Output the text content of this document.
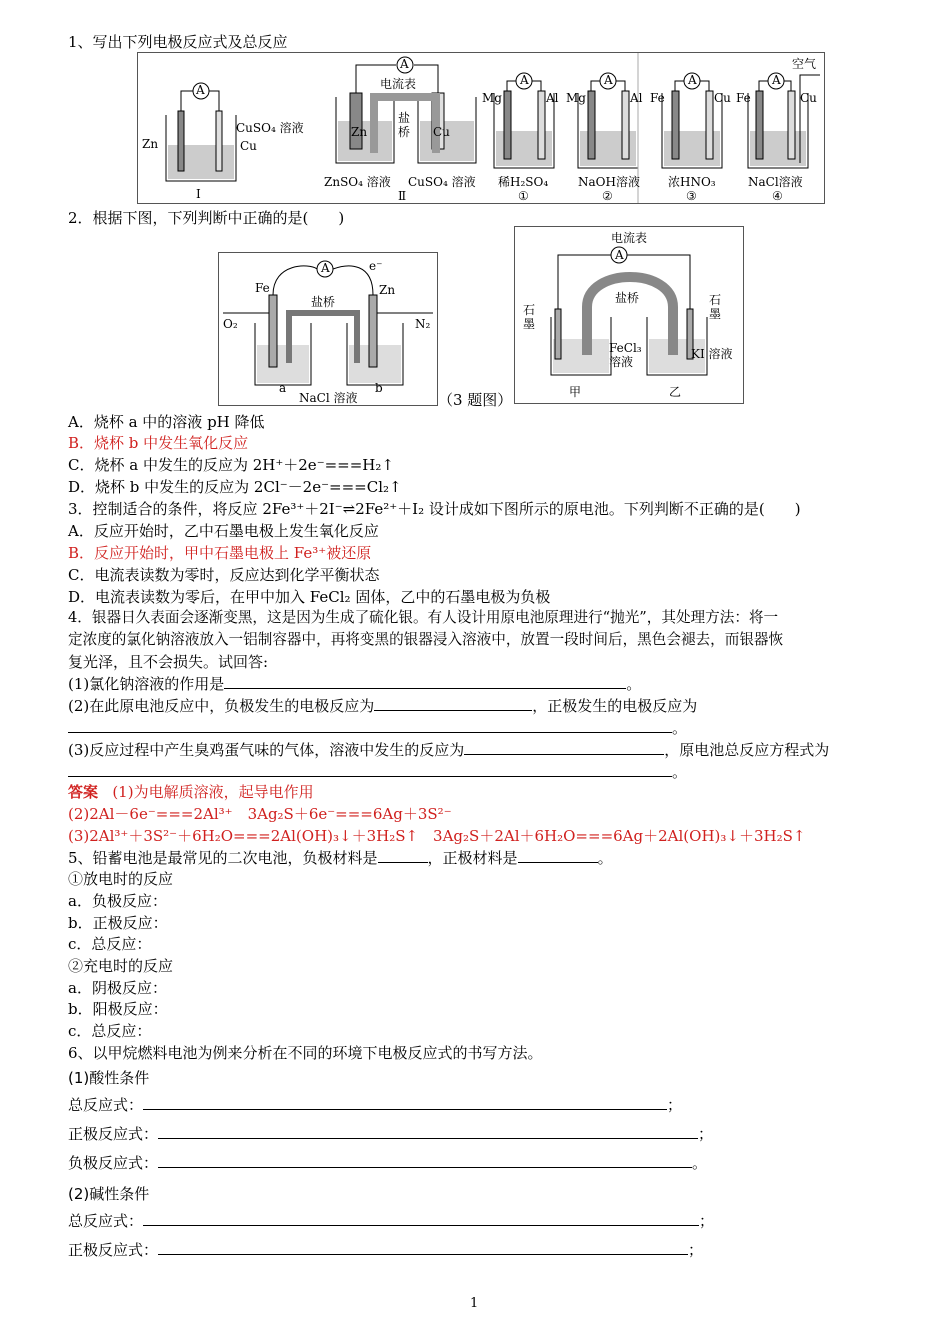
1、写出下列电极反应式及总反应
A
Zn
CuSO₄ 溶液
Cu
Ⅰ
A
电流表
盐桥
Zn	Cu
ZnSO₄ 溶液 CuSO₄ 溶液
Ⅱ
A
Mg	Al
稀H₂SO₄
①
A
Mg	Al
NaOH溶液
②
A
Fe	Cu
浓HNO₃
③
A
Fe	Cu
空气
NaCl溶液
④
2．根据下图，下列判断中正确的是(　　)
Fe	Zn
A	e⁻
盐桥
O₂	N₂
a	b
NaCl 溶液	（3 题图）
电流表
A
盐桥
石墨
石墨
FeCl₃溶液
KI 溶液
甲	乙
A．烧杯 a 中的溶液 pH 降低
B．烧杯 b 中发生氧化反应
C．烧杯 a 中发生的反应为 2H⁺＋2e⁻===H₂↑
D．烧杯 b 中发生的反应为 2Cl⁻－2e⁻===Cl₂↑
3．控制适合的条件，将反应 2Fe³⁺＋2I⁻⇌2Fe²⁺＋I₂ 设计成如下图所示的原电池。下列判断不正确的是(　　)
A．反应开始时，乙中石墨电极上发生氧化反应
B．反应开始时，甲中石墨电极上 Fe³⁺被还原
C．电流表读数为零时，反应达到化学平衡状态
D．电流表读数为零后，在甲中加入 FeCl₂ 固体，乙中的石墨电极为负极
4．银器日久表面会逐渐变黑，这是因为生成了硫化银。有人设计用原电池原理进行“抛光”，其处理方法：将一
定浓度的氯化钠溶液放入一铝制容器中，再将变黑的银器浸入溶液中，放置一段时间后，黑色会褪去，而银器恢
复光泽，且不会损失。试回答:
(1)氯化钠溶液的作用是	。
(2)在此原电池反应中，负极发生的电极反应为	，正极发生的电极反应为
。
(3)反应过程中产生臭鸡蛋气味的气体，溶液中发生的反应为	，原电池总反应方程式为
。
答案 (1)为电解质溶液，起导电作用
(2)2Al－6e⁻===2Al³⁺　3Ag₂S＋6e⁻===6Ag＋3S²⁻
(3)2Al³⁺＋3S²⁻＋6H₂O===2Al(OH)₃↓＋3H₂S↑　3Ag₂S＋2Al＋6H₂O===6Ag＋2Al(OH)₃↓＋3H₂S↑
5、铅蓄电池是最常见的二次电池，负极材料是	，正极材料是	。
①放电时的反应
a．负极反应：
b．正极反应：
c．总反应：
②充电时的反应
a．阴极反应：
b．阳极反应：
c．总反应：
6、以甲烷燃料电池为例来分析在不同的环境下电极反应式的书写方法。
(1)酸性条件
总反应式：	；
正极反应式：	；
负极反应式：	。
(2)碱性条件
总反应式：	；
正极反应式：	；
1
